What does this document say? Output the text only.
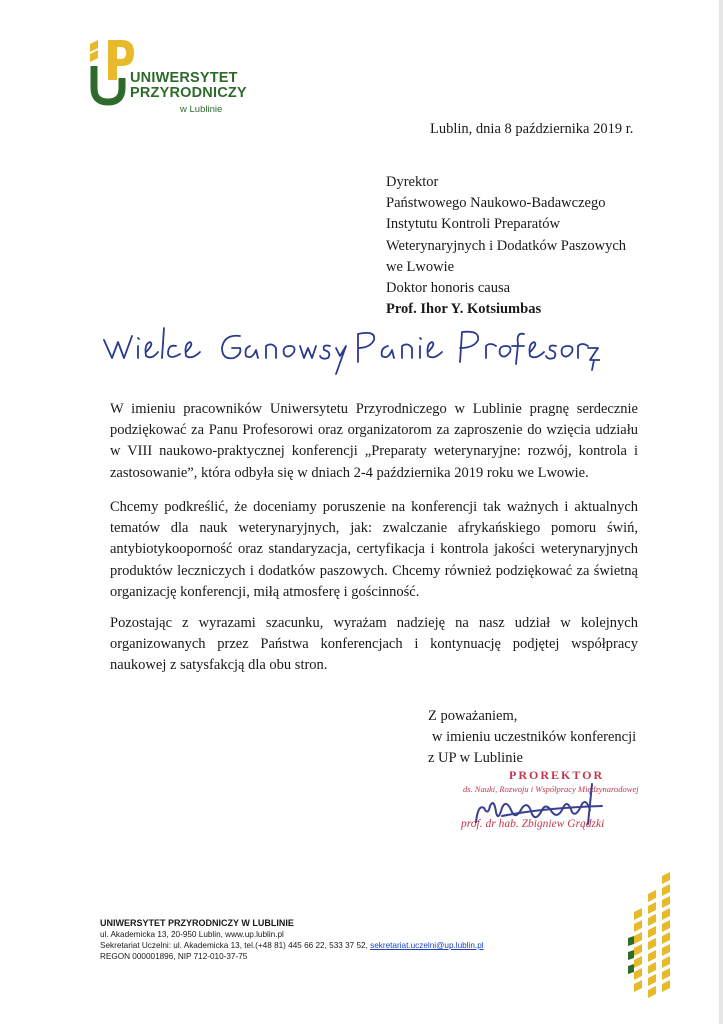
UNIWERSYTET
PRZYRODNICZY
w Lublinie
Lublin, dnia 8 października 2019 r.
Dyrektor
Państwowego Naukowo-Badawczego
Instytutu Kontroli Preparatów
Weterynaryjnych i Dodatków Paszowych
we Lwowie
Doktor honoris causa
Prof. Ihor Y. Kotsiumbas
W imieniu pracowników Uniwersytetu Przyrodniczego w Lublinie pragnę serdecznie podziękować za Panu Profesorowi oraz organizatorom za zaproszenie do wzięcia udziału w VIII naukowo-praktycznej konferencji „Preparaty weterynaryjne: rozwój, kontrola i zastosowanie”, która odbyła się w dniach 2-4 października 2019 roku we Lwowie.
Chcemy podkreślić, że doceniamy poruszenie na konferencji tak ważnych i aktualnych tematów dla nauk weterynaryjnych, jak: zwalczanie afrykańskiego pomoru świń, antybiotykooporność oraz standaryzacja, certyfikacja i kontrola jakości weterynaryjnych produktów leczniczych i dodatków paszowych. Chcemy również podziękować za świetną organizację konferencji, miłą atmosferę i gościnność.
Pozostając z wyrazami szacunku, wyrażam nadzieję na nasz udział w kolejnych organizowanych przez Państwa konferencjach i kontynuację podjętej współpracy naukowej z satysfakcją dla obu stron.
Z poważaniem,
w imieniu uczestników konferencji
z UP w Lublinie
PROREKTOR
ds. Nauki, Rozwoju i Współpracy Międzynarodowej
prof. dr hab. Zbigniew Grądzki
UNIWERSYTET PRZYRODNICZY W LUBLINIE
ul. Akademicka 13, 20-950 Lublin, www.up.lublin.pl
Sekretariat Uczelni: ul. Akademicka 13, tel.(+48 81) 445 66 22, 533 37 52, sekretariat.uczelni@up.lublin.pl
REGON 000001896, NIP 712-010-37-75
